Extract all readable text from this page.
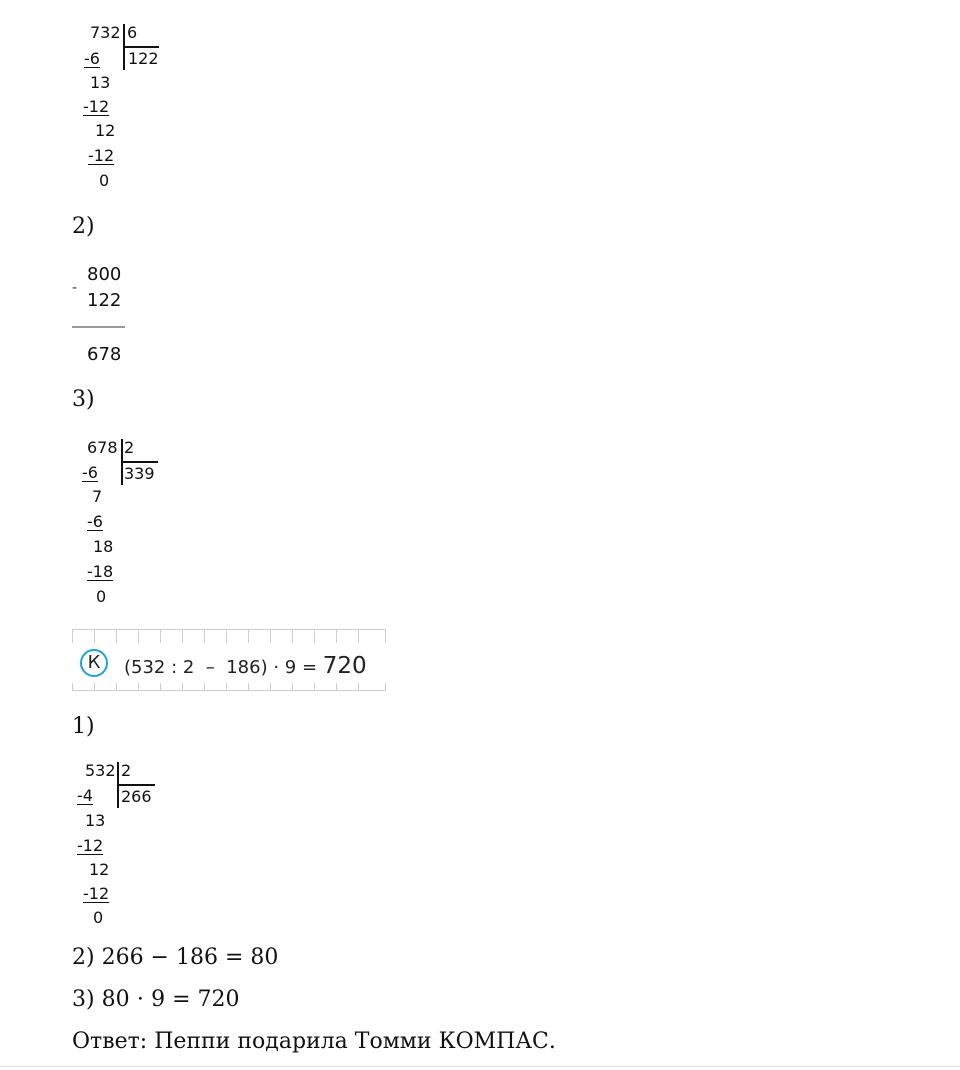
732 6
122
-6
13
-12
12
-12
0
2)
-
800
122
678
3)
678 2
339
-6
7
-6
18
-18
0
К	(532 : 2  –  186) · 9 = 720
1)
532 2
266
-4
13
-12
12
-12
0
2) 266 − 186 = 80
3) 80 ⋅ 9 = 720
Ответ: Пеппи подарила Томми КОМПАС.
